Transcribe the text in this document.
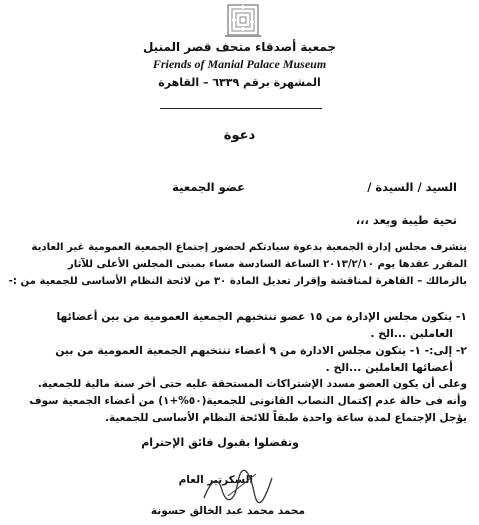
جمعية أصدقاء متحف قصر المنيل
Friends of Manial Palace Museum
المشهرة برقم ٦٣٣٩ – القاهرة
دعوة
السيد / السيدة /
عضو الجمعية
تحية طيبة وبعد ،،،
يتشرف مجلس إدارة الجمعية بدعوة سيادتكم لحضور إجتماع الجمعية العمومية غير العادية
المقرر عقدها يوم ٢٠١٣/٢/١٠ الساعة السادسة مساء بمبنى المجلس الأعلى للآثار
بالزمالك – القاهرة لمناقشة وإقرار تعديل المادة ٣٠ من لائحة النظام الأساسى للجمعية من :-
١- يتكون مجلس الإدارة من ١٥ عضو تنتخبهم الجمعية العمومية من بين أعضائها
العاملين ...الخ .
٢- إلى:- ١- يتكون مجلس الادارة من ٩ أعضاء تنتخبهم الجمعية العمومية من بين
أعضائها العاملين ...الخ .
وعلى أن يكون العضو مسدد الإشتراكات المستحقة عليه حتى أخر سنة مالية للجمعية.
وأنه فى حالة عدم إكتمال النصاب القانونى للجمعية(٥٠%+١) من أعضاء الجمعية سوف
يؤجل الإجتماع لمدة ساعة واحدة طبقاً للائحة النظام الأساسى للجمعية.
وتفضلوا بقبول فائق الإحترام
السكرتير العام
محمد محمد عبد الخالق حسونة
